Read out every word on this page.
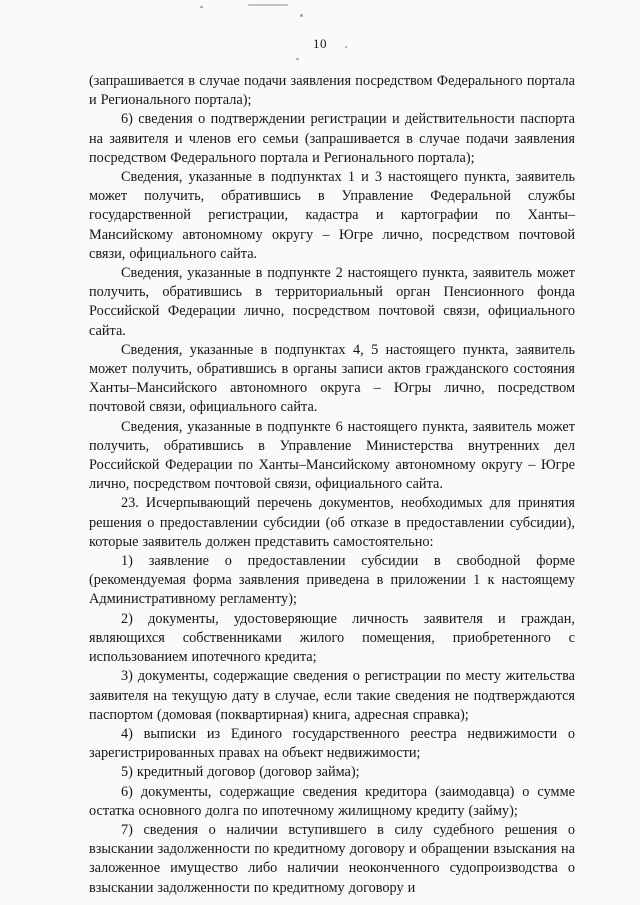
10

(запрашивается в случае подачи заявления посредством Федерального портала и Регионального портала);

6) сведения о подтверждении регистрации и действительности паспорта на заявителя и членов его семьи (запрашивается в случае подачи заявления посредством Федерального портала и Регионального портала);

Сведения, указанные в подпунктах 1 и 3 настоящего пункта, заявитель может получить, обратившись в Управление Федеральной службы государственной регистрации, кадастра и картографии по Ханты–Мансийскому автономному округу – Югре лично, посредством почтовой связи, официального сайта.

Сведения, указанные в подпункте 2 настоящего пункта, заявитель может получить, обратившись в территориальный орган Пенсионного фонда Российской Федерации лично, посредством почтовой связи, официального сайта.

Сведения, указанные в подпунктах 4, 5 настоящего пункта, заявитель может получить, обратившись в органы записи актов гражданского состояния Ханты–Мансийского автономного округа – Югры лично, посредством почтовой связи, официального сайта.

Сведения, указанные в подпункте 6 настоящего пункта, заявитель может получить, обратившись в Управление Министерства внутренних дел Российской Федерации по Ханты–Мансийскому автономному округу – Югре лично, посредством почтовой связи, официального сайта.

23. Исчерпывающий перечень документов, необходимых для принятия решения о предоставлении субсидии (об отказе в предоставлении субсидии), которые заявитель должен представить самостоятельно:

1) заявление о предоставлении субсидии в свободной форме (рекомендуемая форма заявления приведена в приложении 1 к настоящему Административному регламенту);

2) документы, удостоверяющие личность заявителя и граждан, являющихся собственниками жилого помещения, приобретенного с использованием ипотечного кредита;

3) документы, содержащие сведения о регистрации по месту жительства заявителя на текущую дату в случае, если такие сведения не подтверждаются паспортом (домовая (поквартирная) книга, адресная справка);

4) выписки из Единого государственного реестра недвижимости о зарегистрированных правах на объект недвижимости;

5) кредитный договор (договор займа);

6) документы, содержащие сведения кредитора (заимодавца) о сумме остатка основного долга по ипотечному жилищному кредиту (займу);

7) сведения о наличии вступившего в силу судебного решения о взыскании задолженности по кредитному договору и обращении взыскания на заложенное имущество либо наличии неоконченного судопроизводства о взыскании задолженности по кредитному договору и
